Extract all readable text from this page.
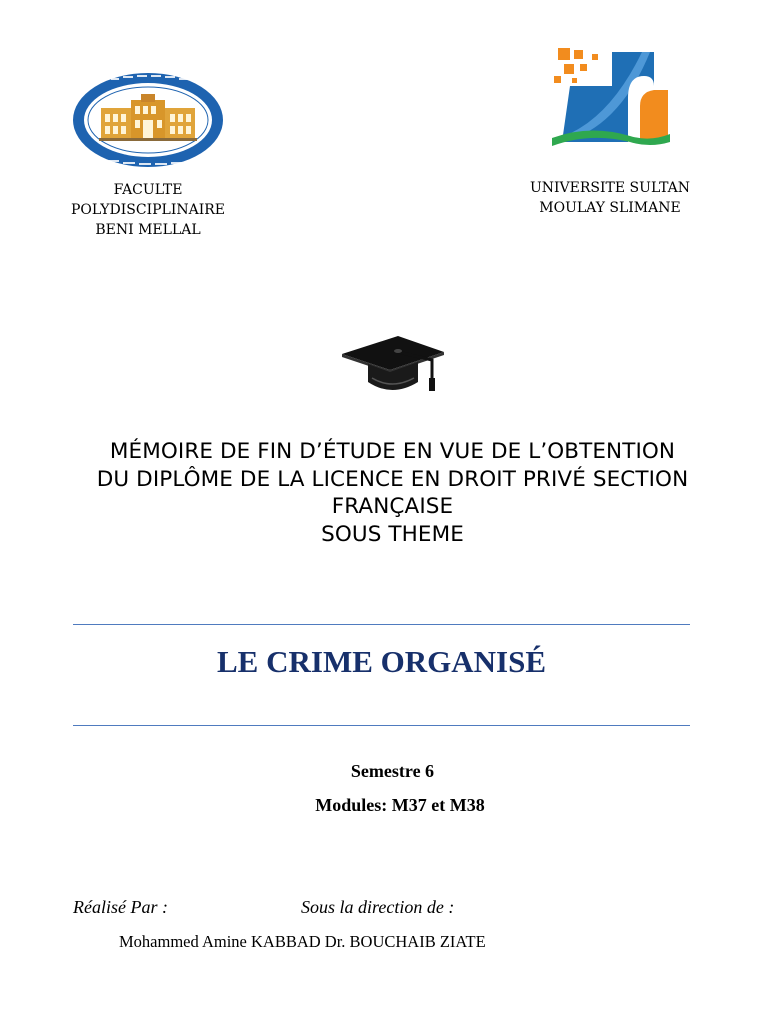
FACULTE
POLYDISCIPLINAIRE
BENI MELLAL
UNIVERSITE SULTAN
MOULAY SLIMANE
MÉMOIRE DE FIN D’ÉTUDE EN VUE DE L’OBTENTION
DU DIPLÔME DE LA LICENCE EN DROIT PRIVÉ SECTION
FRANÇAISE
SOUS THEME
LE CRIME ORGANISÉ
Semestre 6
Modules: M37 et M38
Réalisé Par :	Sous la direction de :
Mohammed Amine KABBAD Dr. BOUCHAIB ZIATE
